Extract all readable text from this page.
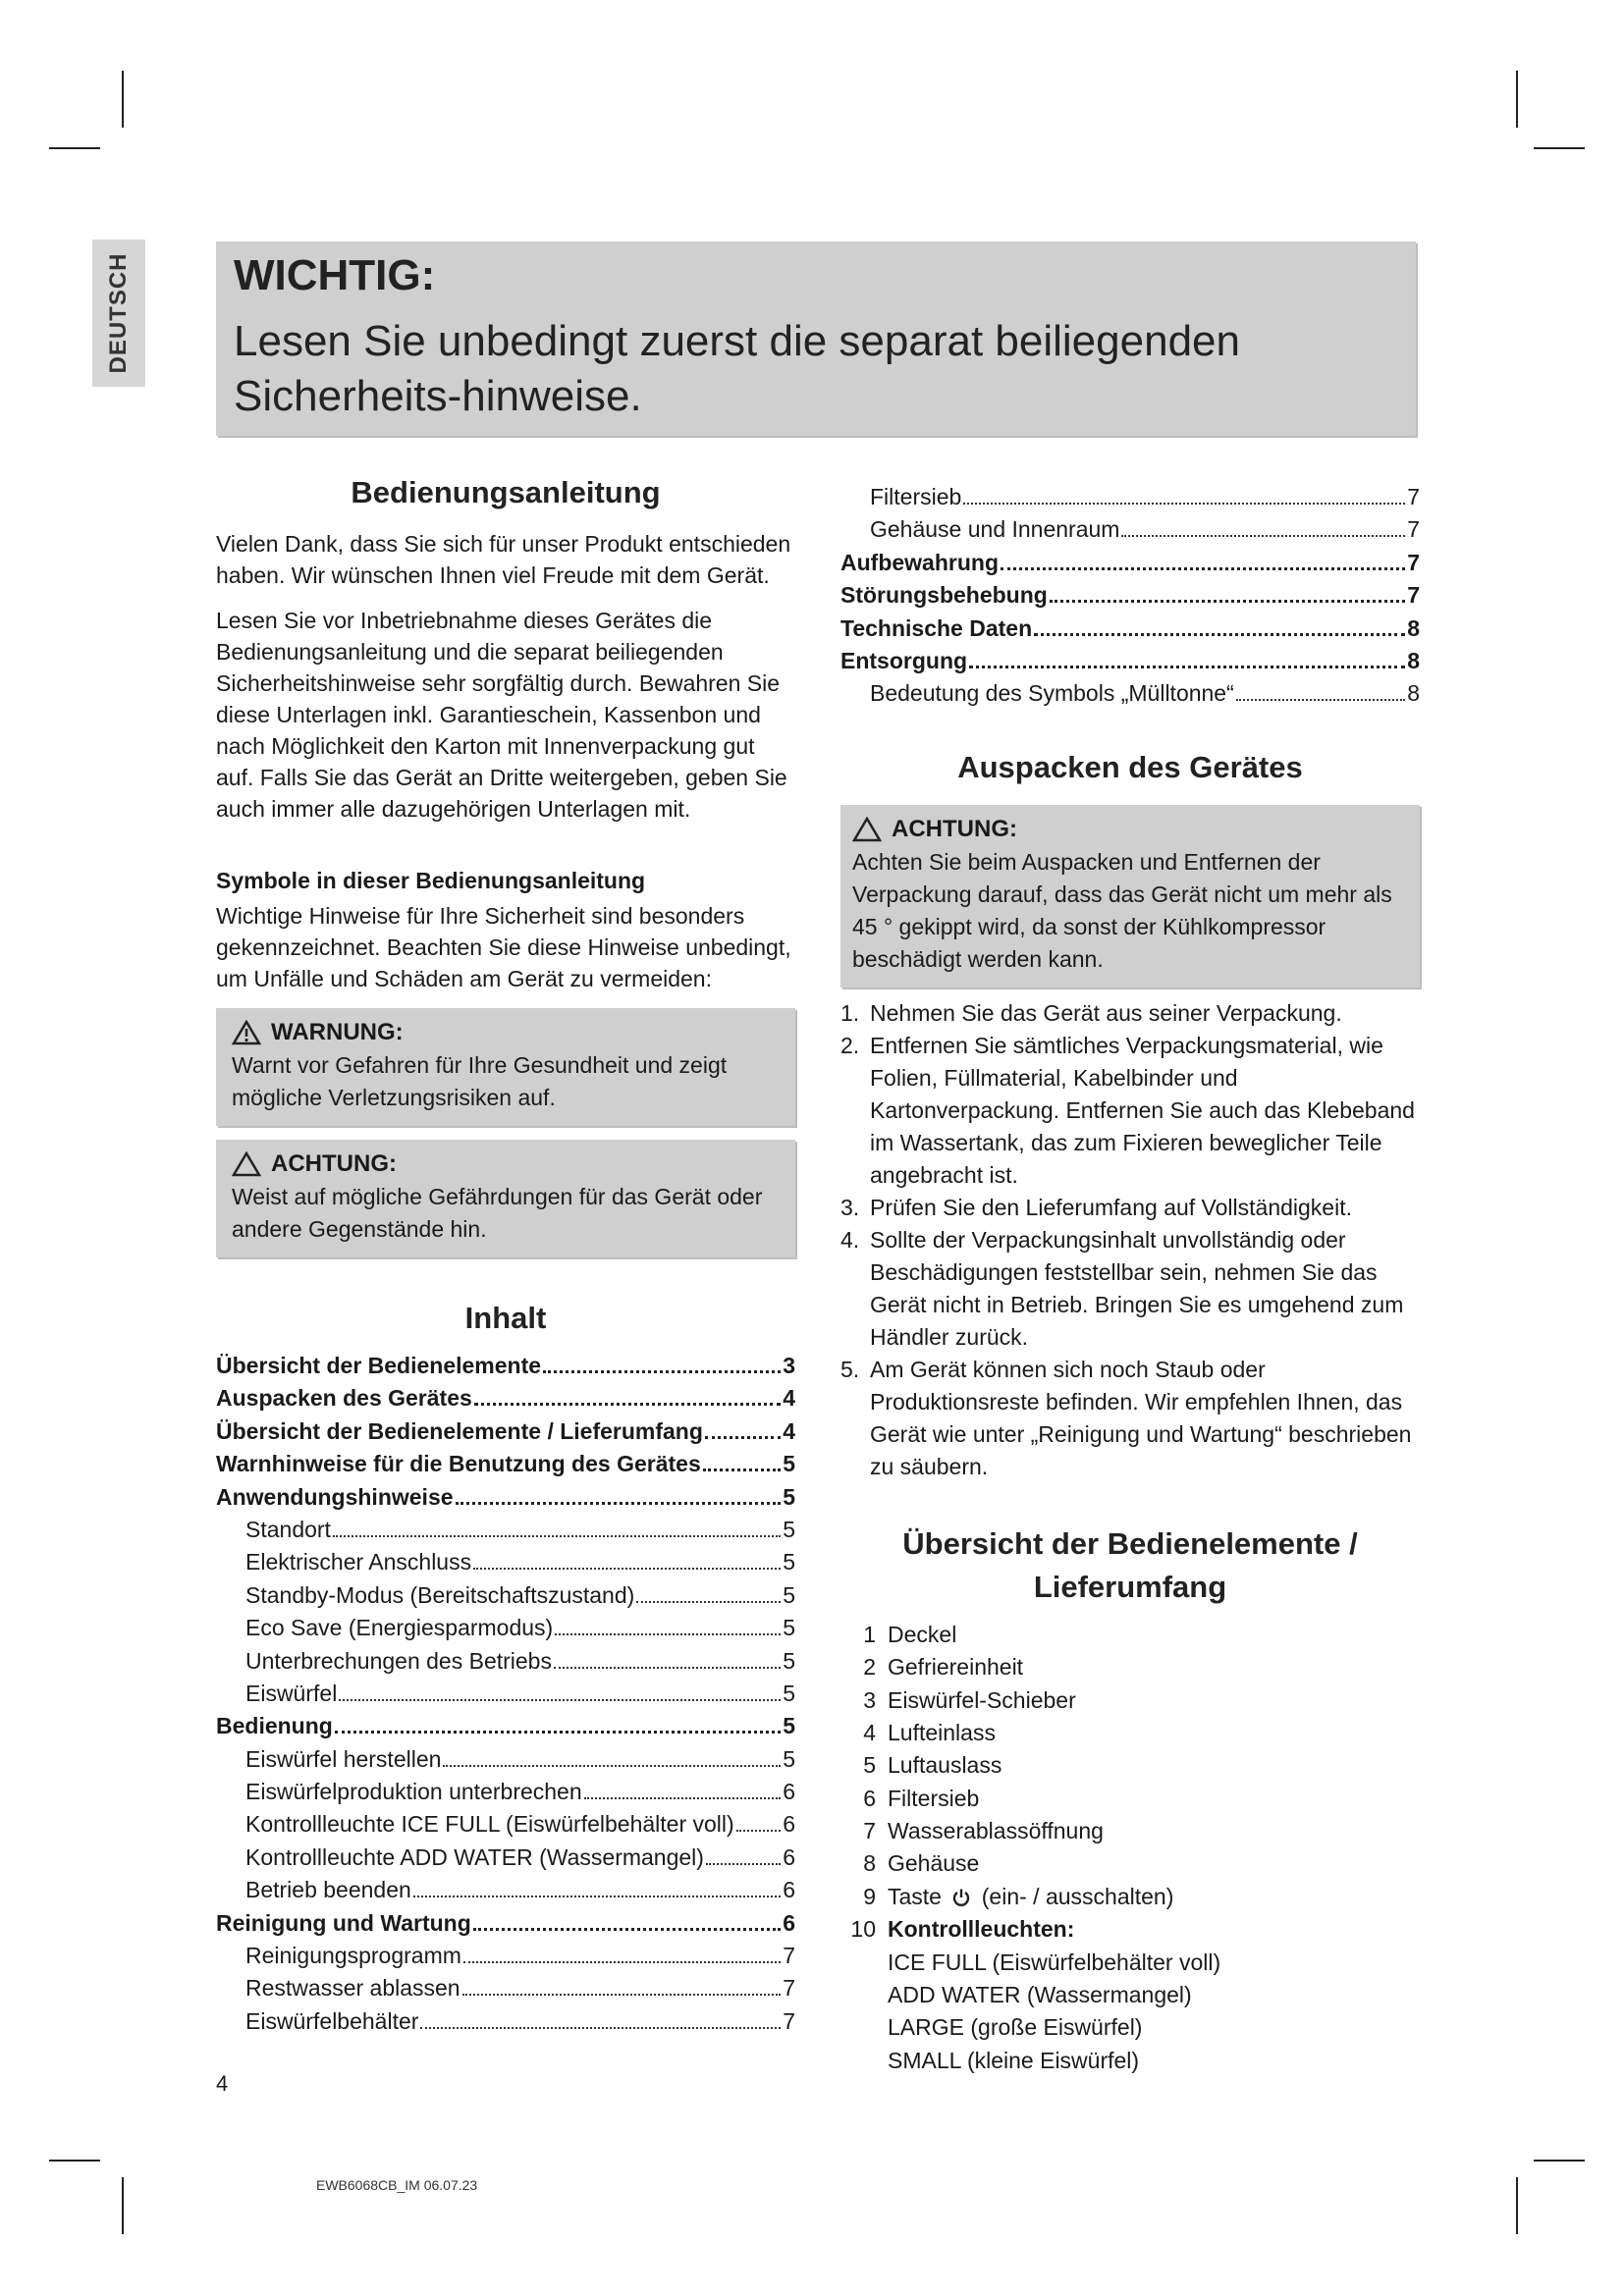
DEUTSCH WICHTIG:
Lesen Sie unbedingt zuerst die separat beiliegenden Sicherheits-hinweise.
Bedienungsanleitung

Vielen Dank, dass Sie sich für unser Produkt entschieden haben. Wir wünschen Ihnen viel Freude mit dem Gerät.

Lesen Sie vor Inbetriebnahme dieses Gerätes die Bedienungsanleitung und die separat beiliegenden Sicherheitshinweise sehr sorgfältig durch. Bewahren Sie diese Unterlagen inkl. Garantieschein, Kassenbon und nach Möglichkeit den Karton mit Innenverpackung gut auf. Falls Sie das Gerät an Dritte weitergeben, geben Sie auch immer alle dazugehörigen Unterlagen mit.

Symbole in dieser Bedienungsanleitung

Wichtige Hinweise für Ihre Sicherheit sind besonders gekennzeichnet. Beachten Sie diese Hinweise unbedingt, um Unfälle und Schäden am Gerät zu vermeiden:

WARNUNG:
Warnt vor Gefahren für Ihre Gesundheit und zeigt mögliche Verletzungsrisiken auf.
ACHTUNG:
Weist auf mögliche Gefährdungen für das Gerät oder andere Gegenstände hin.
Inhalt
Übersicht der Bedienelemente	3
Auspacken des Gerätes	4
Übersicht der Bedienelemente / Lieferumfang	4
Warnhinweise für die Benutzung des Gerätes	5
Anwendungshinweise	5
Standort	5
Elektrischer Anschluss	5
Standby-Modus (Bereitschaftszustand)	5
Eco Save (Energiesparmodus)	5
Unterbrechungen des Betriebs	5
Eiswürfel	5
Bedienung	5
Eiswürfel herstellen	5
Eiswürfelproduktion unterbrechen	6
Kontrollleuchte ICE FULL (Eiswürfelbehälter voll) 6
Kontrollleuchte ADD WATER (Wassermangel)	6
Betrieb beenden	6
Reinigung und Wartung	6
Reinigungsprogramm	7
Restwasser ablassen	7
Eiswürfelbehälter	7
Filtersieb	7
Gehäuse und Innenraum	7
Aufbewahrung	7
Störungsbehebung	7
Technische Daten	8
Entsorgung	8
Bedeutung des Symbols „Mülltonne“	8
Auspacken des Gerätes
ACHTUNG:
Achten Sie beim Auspacken und Entfernen der Verpackung darauf, dass das Gerät nicht um mehr als 45 ° gekippt wird, da sonst der Kühlkompressor beschädigt werden kann.
1. Nehmen Sie das Gerät aus seiner Verpackung.
2. Entfernen Sie sämtliches Verpackungsmaterial, wie Folien, Füllmaterial, Kabelbinder und Kartonverpackung. Entfernen Sie auch das Klebeband im Wassertank, das zum Fixieren beweglicher Teile angebracht ist.
3. Prüfen Sie den Lieferumfang auf Vollständigkeit.
4. Sollte der Verpackungsinhalt unvollständig oder Beschädigungen feststellbar sein, nehmen Sie das Gerät nicht in Betrieb. Bringen Sie es umgehend zum Händler zurück.
5. Am Gerät können sich noch Staub oder Produktionsreste befinden. Wir empfehlen Ihnen, das Gerät wie unter „Reinigung und Wartung“ beschrieben zu säubern.
Übersicht der Bedienelemente / Lieferumfang
1 Deckel
2 Gefriereinheit
3 Eiswürfel-Schieber
4 Lufteinlass
5 Luftauslass
6 Filtersieb
7 Wasserablassöffnung
8 Gehäuse
9 Taste (ein- / ausschalten)
10 Kontrollleuchten:
ICE FULL (Eiswürfelbehälter voll)
ADD WATER (Wassermangel)
LARGE (große Eiswürfel)
SMALL (kleine Eiswürfel)
4
EWB6068CB_IM 06.07.23
